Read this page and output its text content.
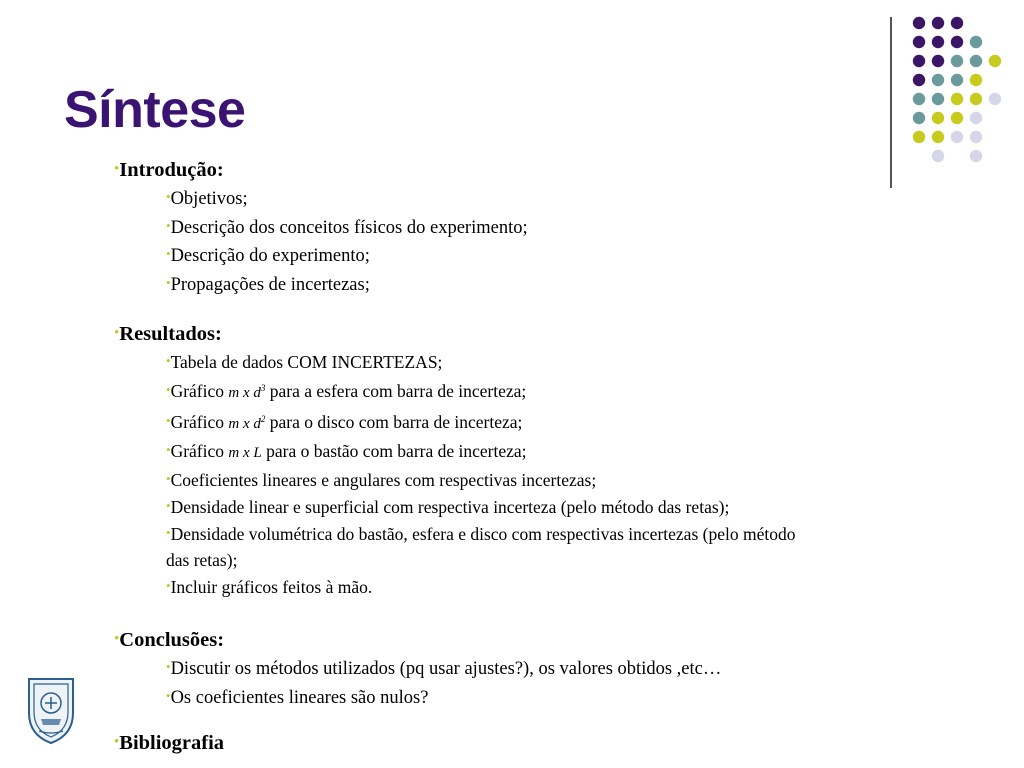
Síntese

•Introdução:

•Objetivos;
•Descrição dos conceitos físicos do experimento;
•Descrição do experimento;
•Propagações de incertezas;

•Resultados:

•Tabela de dados COM INCERTEZAS;
•Gráfico m x $d^3$ para a esfera com barra de incerteza;
•Gráfico m x $d^2$ para o disco com barra de incerteza;
•Gráfico m x L para o bastão com barra de incerteza;
•Coeficientes lineares e angulares com respectivas incertezas;
•Densidade linear e superficial com respectiva incerteza (pelo método das retas);
•Densidade volumétrica do bastão, esfera e disco com respectivas incertezas (pelo método
das retas);
•Incluir gráficos feitos à mão.

•Conclusões:

•Discutir os métodos utilizados (pq usar ajustes?), os valores obtidos ,etc…
•Os coeficientes lineares são nulos?

•Bibliografia
